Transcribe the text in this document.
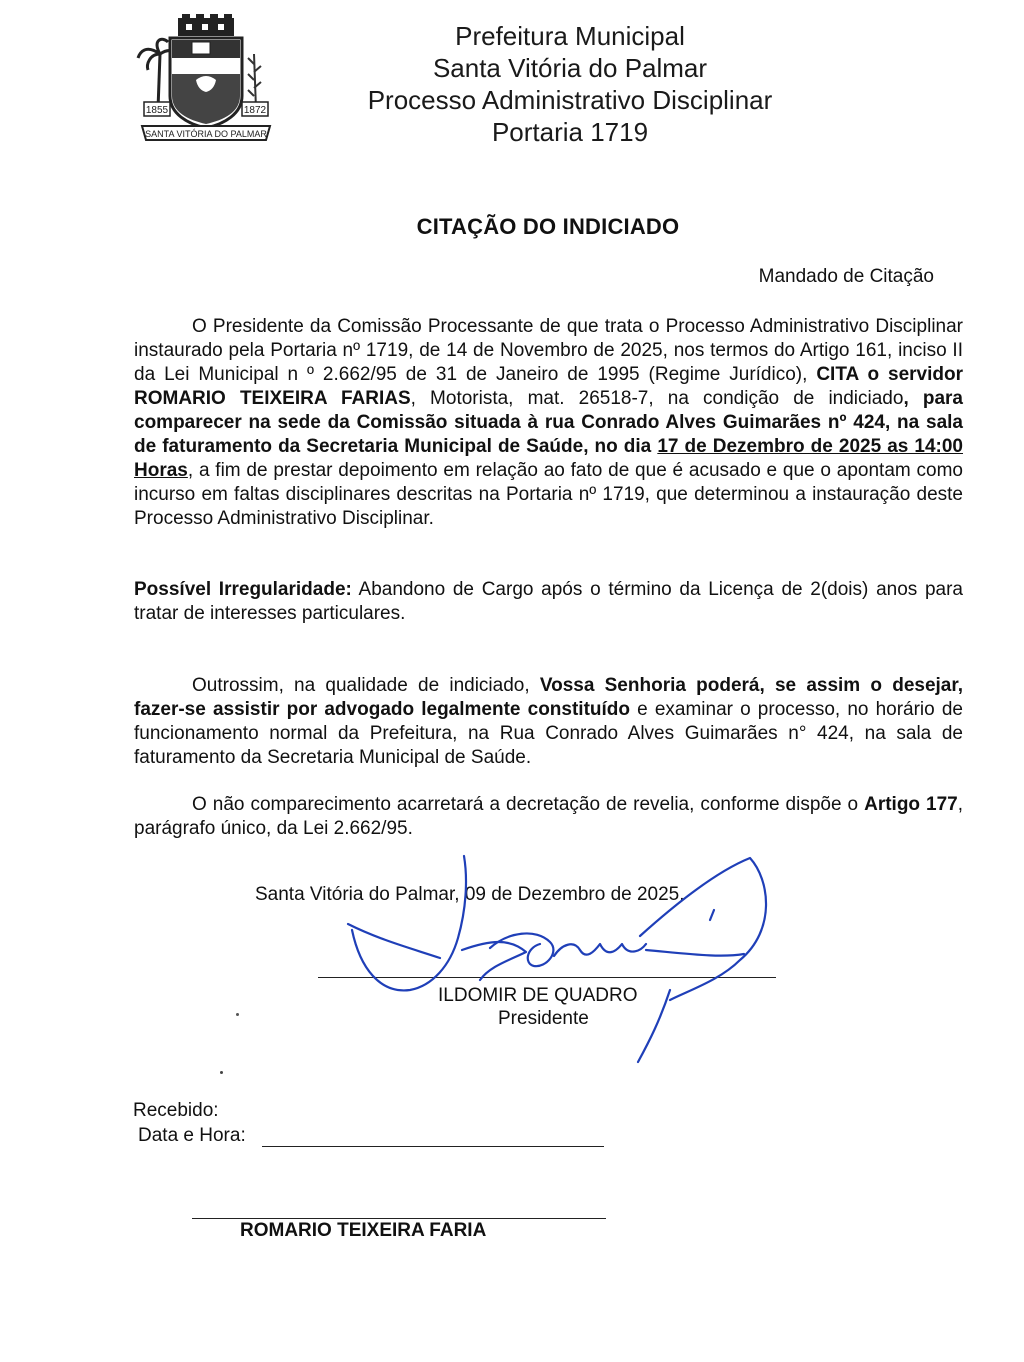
1855	1872
SANTA VITÓRIA DO PALMAR
Prefeitura Municipal
Santa Vitória do Palmar
Processo Administrativo Disciplinar
Portaria 1719
CITAÇÃO DO INDICIADO
Mandado de Citação
O Presidente da Comissão Processante de que trata o Processo Administrativo Disciplinar instaurado pela Portaria nº 1719, de 14 de Novembro de 2025, nos termos do Artigo 161, inciso II da Lei Municipal n º 2.662/95 de 31 de Janeiro de 1995 (Regime Jurídico), CITA o servidor ROMARIO TEIXEIRA FARIAS, Motorista, mat. 26518-7, na condição de indiciado, para comparecer na sede da Comissão situada à rua Conrado Alves Guimarães nº 424, na sala de faturamento da Secretaria Municipal de Saúde, no dia 17 de Dezembro de 2025 as 14:00 Horas, a fim de prestar depoimento em relação ao fato de que é acusado e que o apontam como incurso em faltas disciplinares descritas na Portaria nº 1719, que determinou a instauração deste Processo Administrativo Disciplinar.
Possível Irregularidade: Abandono de Cargo após o término da Licença de 2(dois) anos para tratar de interesses particulares.
Outrossim, na qualidade de indiciado, Vossa Senhoria poderá, se assim o desejar, fazer-se assistir por advogado legalmente constituído e examinar o processo, no horário de funcionamento normal da Prefeitura, na Rua Conrado Alves Guimarães n° 424, na sala de faturamento da Secretaria Municipal de Saúde.
O não comparecimento acarretará a decretação de revelia, conforme dispõe o Artigo 177, parágrafo único, da Lei 2.662/95.
Santa Vitória do Palmar, 09 de Dezembro de 2025.
ILDOMIR DE QUADRO
Presidente
Recebido:
Data e Hora:
ROMARIO TEIXEIRA FARIA
